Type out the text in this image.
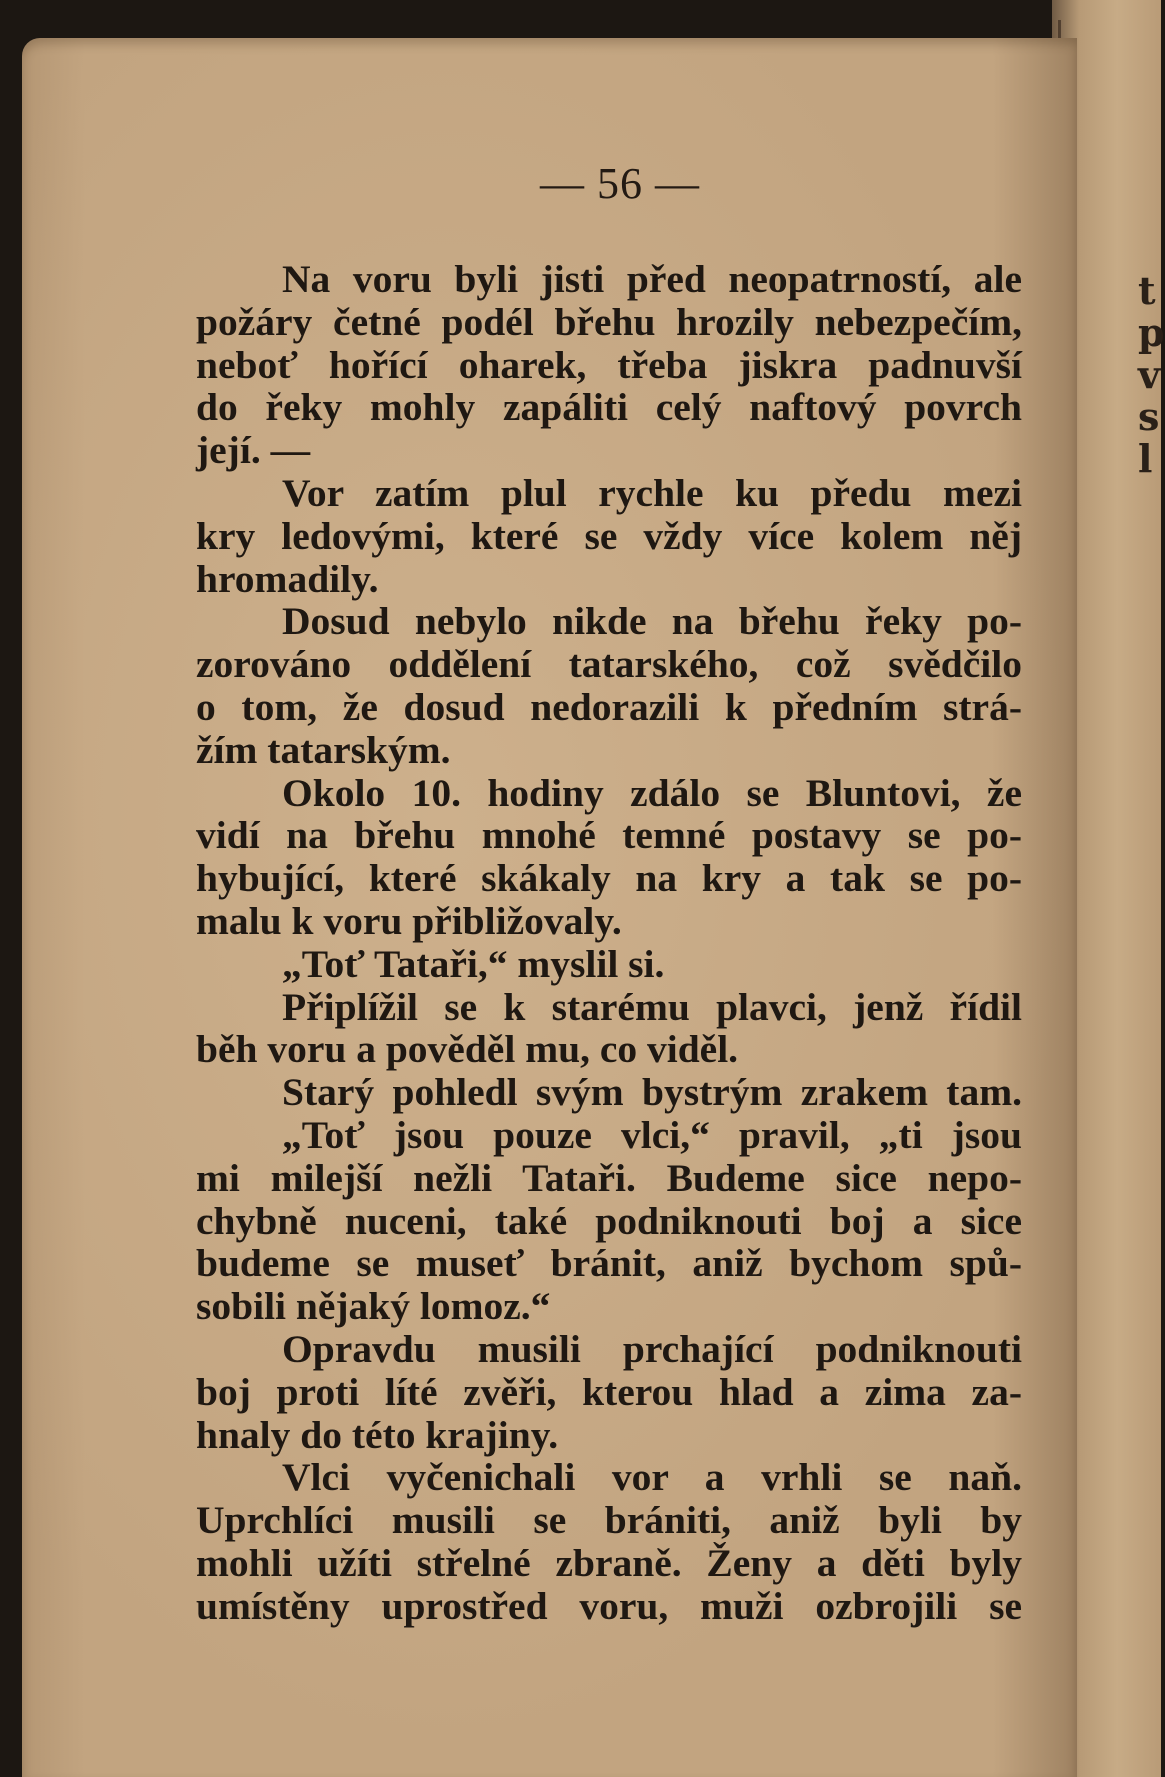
t
p
v
s
l
— 56 —
Na voru byli jisti před neopatrností, ale
požáry četné podél břehu hrozily nebezpečím,
neboť hořící oharek, třeba jiskra padnuvší
do řeky mohly zapáliti celý naftový povrch
její. —
Vor zatím plul rychle ku předu mezi
kry ledovými, které se vždy více kolem něj
hromadily.
Dosud nebylo nikde na břehu řeky po-
zorováno oddělení tatarského, což svědčilo
o tom, že dosud nedorazili k předním strá-
žím tatarským.
Okolo 10. hodiny zdálo se Bluntovi, že
vidí na břehu mnohé temné postavy se po-
hybující, které skákaly na kry a tak se po-
malu k voru přibližovaly.
„Toť Tataři,“ myslil si.
Připlížil se k starému plavci, jenž řídil
běh voru a pověděl mu, co viděl.
Starý pohledl svým bystrým zrakem tam.
„Toť jsou pouze vlci,“ pravil, „ti jsou
mi milejší nežli Tataři. Budeme sice nepo-
chybně nuceni, také podniknouti boj a sice
budeme se museť bránit, aniž bychom spů-
sobili nějaký lomoz.“
Opravdu musili prchající podniknouti
boj proti líté zvěři, kterou hlad a zima za-
hnaly do této krajiny.
Vlci vyčenichali vor a vrhli se naň.
Uprchlíci musili se brániti, aniž byli by
mohli užíti střelné zbraně. Ženy a děti byly
umístěny uprostřed voru, muži ozbrojili se
